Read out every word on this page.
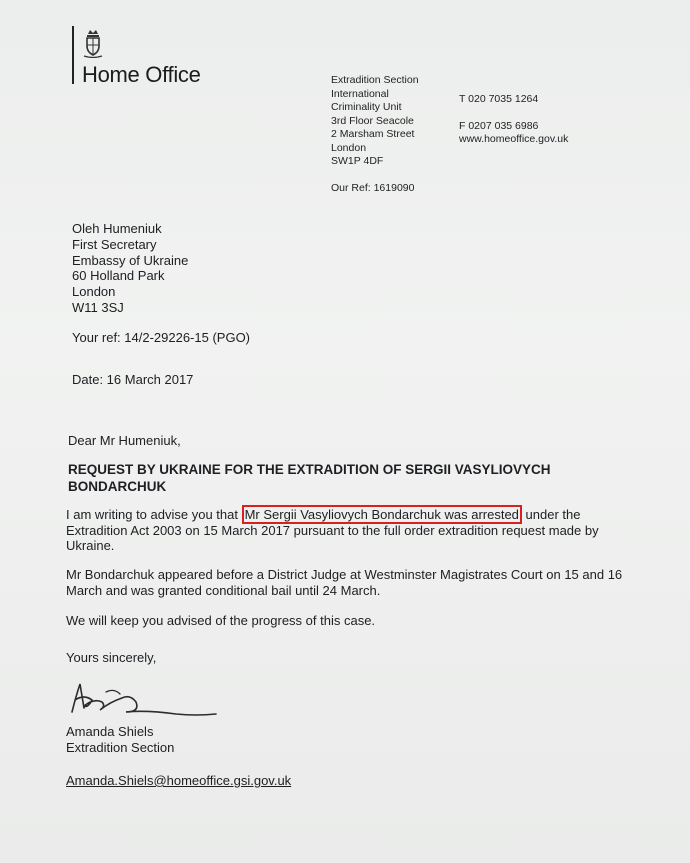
Home Office	Extradition Section
International
Criminality Unit
3rd Floor Seacole
2 Marsham Street
London
SW1P 4DF
Our Ref: 1619090
T 020 7035 1264
F 0207 035 6986
www.homeoffice.gov.uk
Oleh Humeniuk
First Secretary
Embassy of Ukraine
60 Holland Park
London
W11 3SJ
Your ref: 14/2-29226-15 (PGO)
Date: 16 March 2017
Dear Mr Humeniuk,
REQUEST BY UKRAINE FOR THE EXTRADITION OF SERGII VASYLIOVYCH BONDARCHUK
I am writing to advise you that Mr Sergii Vasyliovych Bondarchuk was arrested under the Extradition Act 2003 on 15 March 2017 pursuant to the full order extradition request made by Ukraine.
Mr Bondarchuk appeared before a District Judge at Westminster Magistrates Court on 15 and 16 March and was granted conditional bail until 24 March.
We will keep you advised of the progress of this case.
Yours sincerely,
Amanda Shiels
Extradition Section
Amanda.Shiels@homeoffice.gsi.gov.uk
